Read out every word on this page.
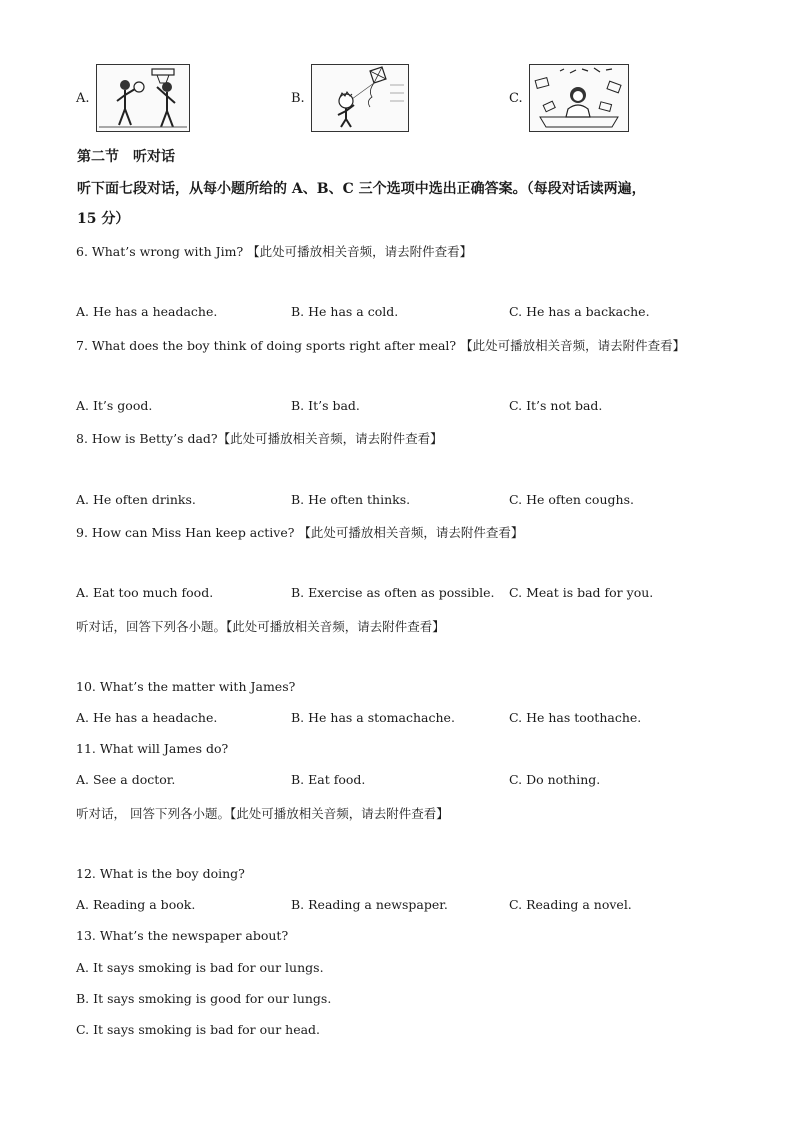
A.	B.	C.
第二节　听对话
听下面七段对话，从每小题所给的 A、B、C 三个选项中选出正确答案。（每段对话读两遍，
15 分）
6. What’s wrong with Jim? 【此处可播放相关音频，请去附件查看】
A. He has a headache.	B. He has a cold.	C. He has a backache.
7. What does the boy think of doing sports right after meal? 【此处可播放相关音频，请去附件查看】
A. It’s good.	B. It’s bad.	C. It’s not bad.
8. How is Betty’s dad?【此处可播放相关音频，请去附件查看】
A. He often drinks.	B. He often thinks.	C. He often coughs.
9. How can Miss Han keep active? 【此处可播放相关音频，请去附件查看】
A. Eat too much food.	B. Exercise as often as possible. C. Meat is bad for you.
听对话，回答下列各小题。【此处可播放相关音频，请去附件查看】
10. What’s the matter with James?
A. He has a headache.	B. He has a stomachache.	C. He has toothache.
11. What will James do?
A. See a doctor.	B. Eat food.	C. Do nothing.
听对话， 回答下列各小题。【此处可播放相关音频，请去附件查看】
12. What is the boy doing?
A. Reading a book.	B. Reading a newspaper.	C. Reading a novel.
13. What’s the newspaper about?
A. It says smoking is bad for our lungs.
B. It says smoking is good for our lungs.
C. It says smoking is bad for our head.
